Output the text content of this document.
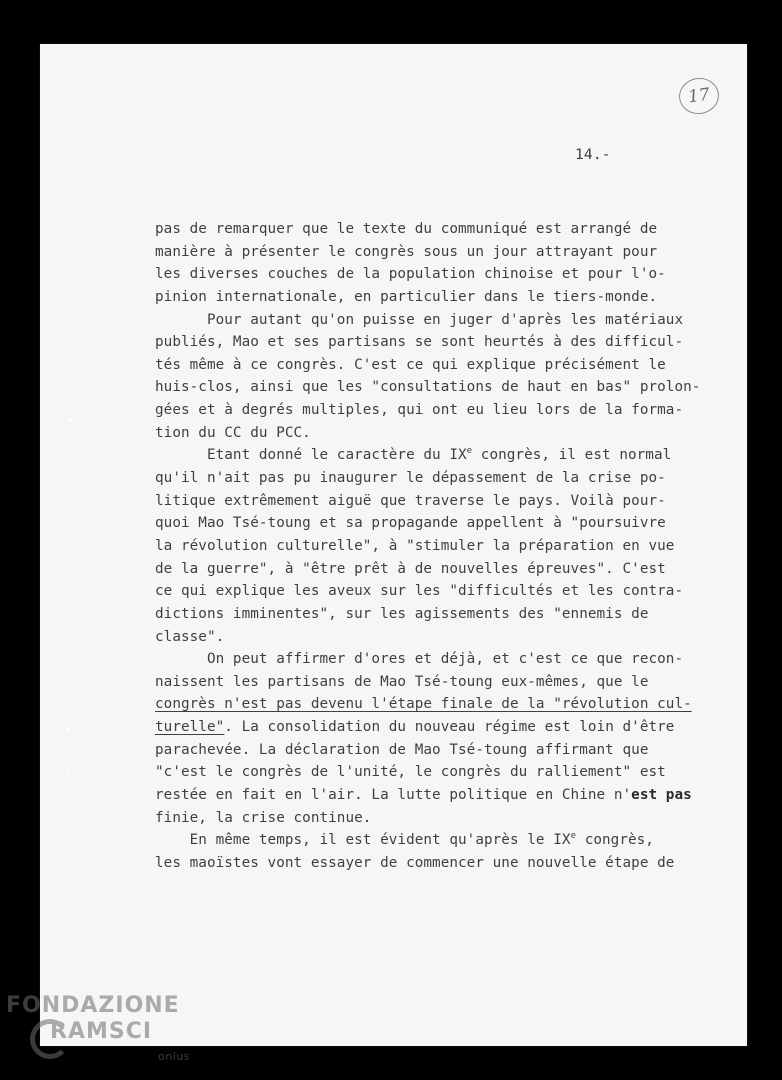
17
14.-
pas de remarquer que le texte du communiqué est arrangé de
manière à présenter le congrès sous un jour attrayant pour
les diverses couches de la population chinoise et pour l'o-
pinion internationale, en particulier dans le tiers-monde.
Pour autant qu'on puisse en juger d'après les matériaux
publiés, Mao et ses partisans se sont heurtés à des difficul-
tés même à ce congrès. C'est ce qui explique précisément le
huis-clos, ainsi que les "consultations de haut en bas" prolon-
gées et à degrés multiples, qui ont eu lieu lors de la forma-
tion du CC du PCC.
Etant donné le caractère du IXe congrès, il est normal
qu'il n'ait pas pu inaugurer le dépassement de la crise po-
litique extrêmement aiguë que traverse le pays. Voilà pour-
quoi Mao Tsé-toung et sa propagande appellent à "poursuivre
la révolution culturelle", à "stimuler la préparation en vue
de la guerre", à "être prêt à de nouvelles épreuves". C'est
ce qui explique les aveux sur les "difficultés et les contra-
dictions imminentes", sur les agissements des "ennemis de
classe".
On peut affirmer d'ores et déjà, et c'est ce que recon-
naissent les partisans de Mao Tsé-toung eux-mêmes, que le
congrès n'est pas devenu l'étape finale de la "révolution cul-
turelle". La consolidation du nouveau régime est loin d'être
parachevée. La déclaration de Mao Tsé-toung affirmant que
"c'est le congrès de l'unité, le congrès du ralliement" est
restée en fait en l'air. La lutte politique en Chine n'est pas
finie, la crise continue.
En même temps, il est évident qu'après le IXe congrès,
les maoïstes vont essayer de commencer une nouvelle étape de
FONDAZIONE
RAMSCI
onlus
